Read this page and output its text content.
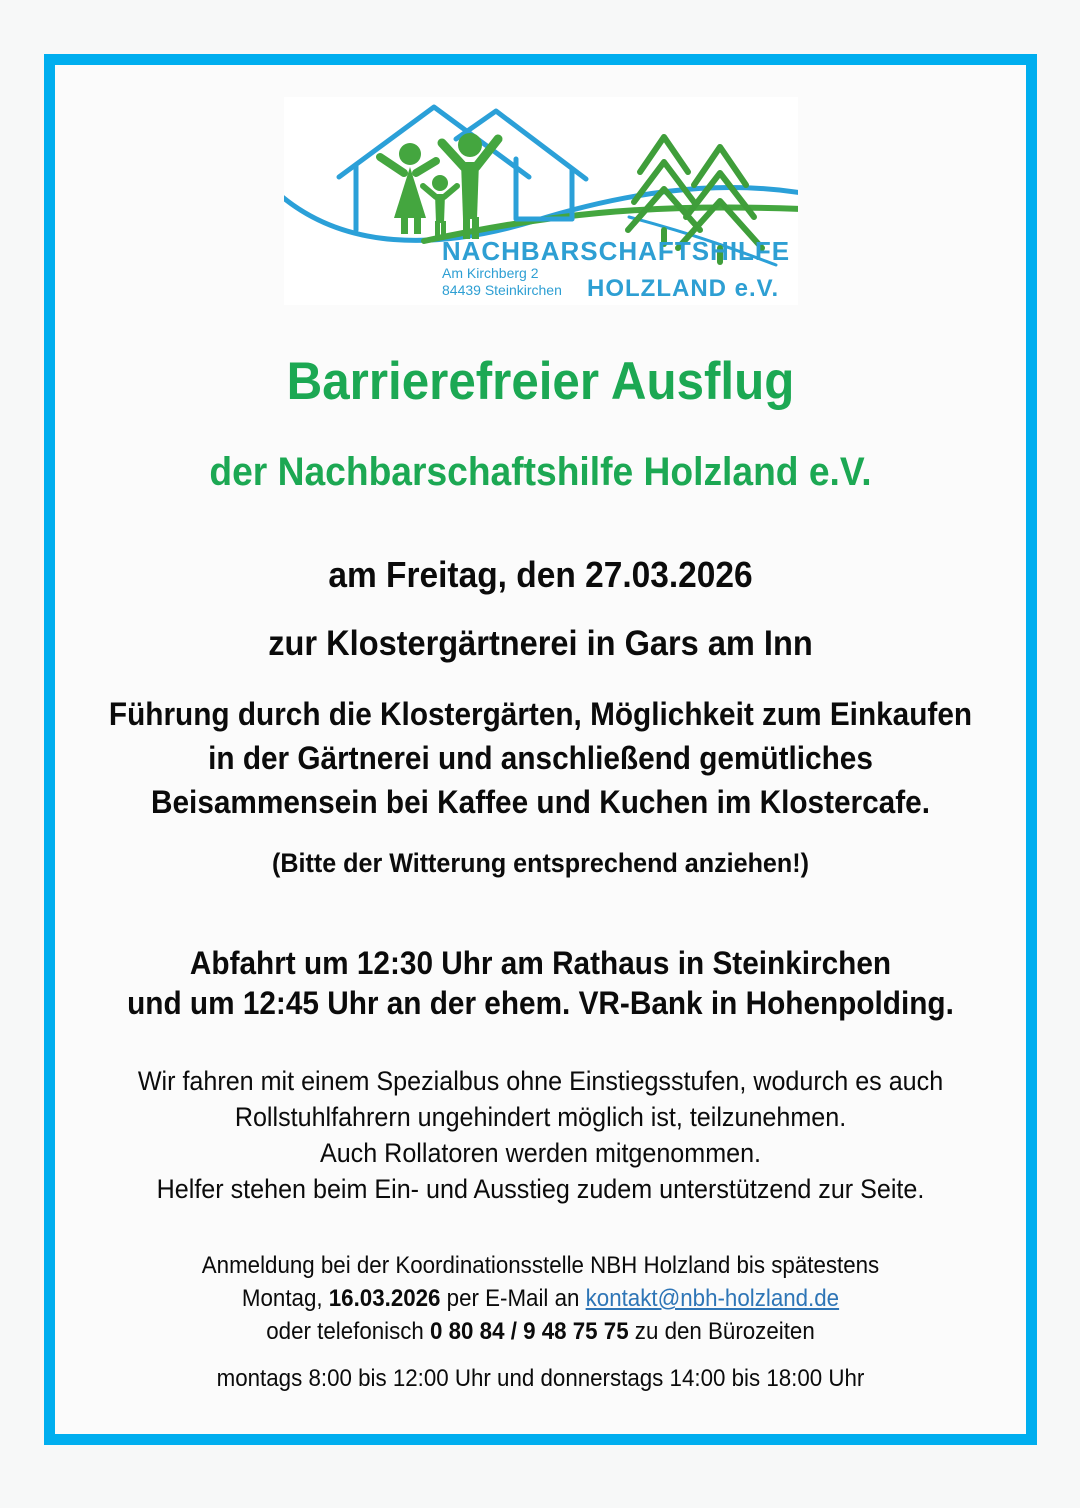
NACHBARSCHAFTSHILFE
Am Kirchberg 2
84439 Steinkirchen HOLZLAND e.V.
Barrierefreier Ausflug
der Nachbarschaftshilfe Holzland e.V.
am Freitag, den 27.03.2026
zur Klostergärtnerei in Gars am Inn
Führung durch die Klostergärten, Möglichkeit zum Einkaufen
in der Gärtnerei und anschließend gemütliches
Beisammensein bei Kaffee und Kuchen im Klostercafe.
(Bitte der Witterung entsprechend anziehen!)
Abfahrt um 12:30 Uhr am Rathaus in Steinkirchen
und um 12:45 Uhr an der ehem. VR-Bank in Hohenpolding.
Wir fahren mit einem Spezialbus ohne Einstiegsstufen, wodurch es auch
Rollstuhlfahrern ungehindert möglich ist, teilzunehmen.
Auch Rollatoren werden mitgenommen.
Helfer stehen beim Ein- und Ausstieg zudem unterstützend zur Seite.
Anmeldung bei der Koordinationsstelle NBH Holzland bis spätestens
Montag, 16.03.2026 per E-Mail an kontakt@nbh-holzland.de
oder telefonisch 0 80 84 / 9 48 75 75 zu den Bürozeiten
montags 8:00 bis 12:00 Uhr und donnerstags 14:00 bis 18:00 Uhr
